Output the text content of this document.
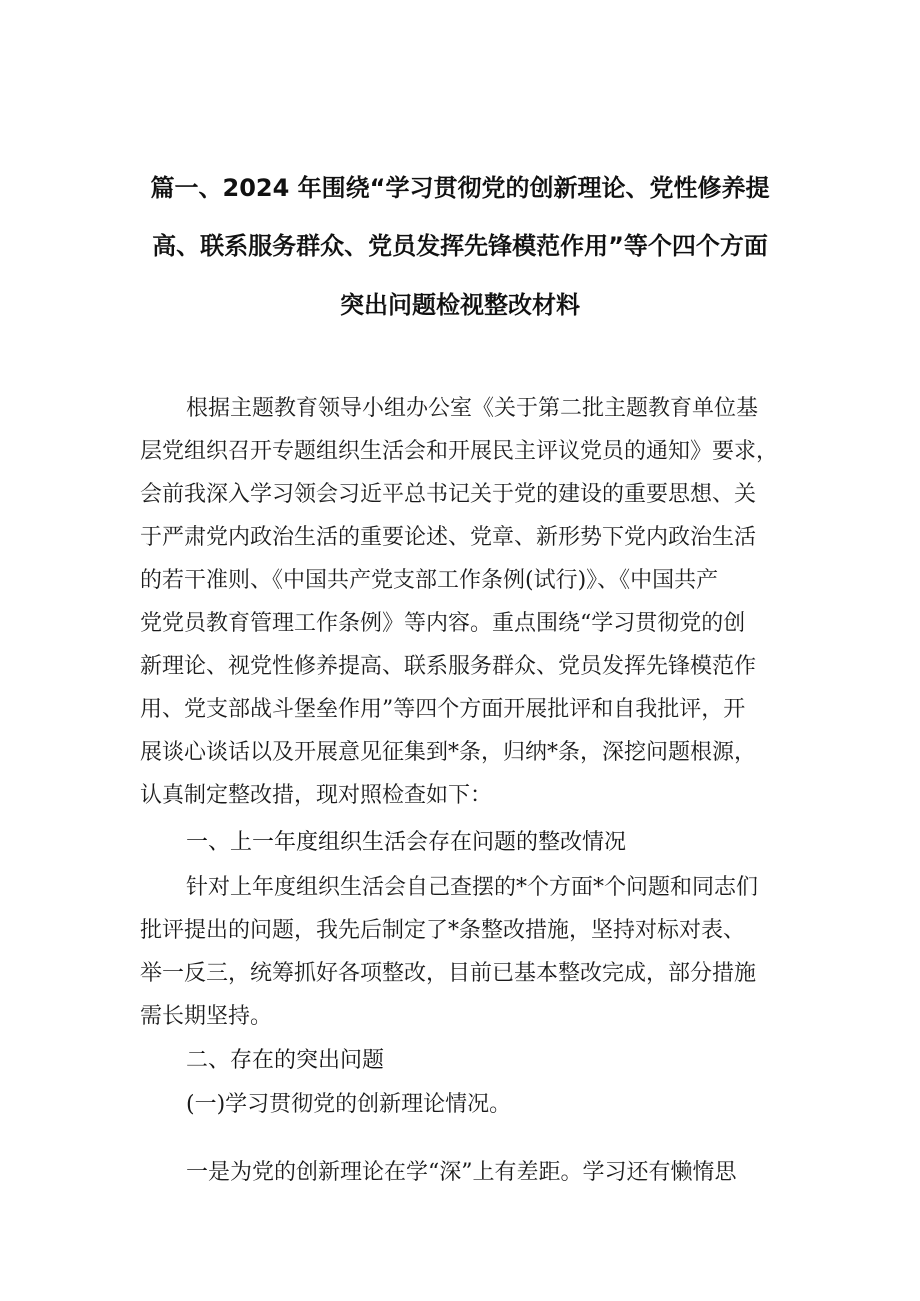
篇一、2024 年围绕“学习贯彻党的创新理论、党性修养提
高、联系服务群众、党员发挥先锋模范作用”等个四个方面
突出问题检视整改材料
根据主题教育领导小组办公室《关于第二批主题教育单位基
层党组织召开专题组织生活会和开展民主评议党员的通知》要求，
会前我深入学习领会习近平总书记关于党的建设的重要思想、关
于严肃党内政治生活的重要论述、党章、新形势下党内政治生活
的若干准则、《中国共产党支部工作条例(试行)》、《中国共产
党党员教育管理工作条例》等内容。重点围绕“学习贯彻党的创
新理论、视党性修养提高、联系服务群众、党员发挥先锋模范作
用、党支部战斗堡垒作用”等四个方面开展批评和自我批评，开
展谈心谈话以及开展意见征集到*条，归纳*条，深挖问题根源，
认真制定整改措，现对照检查如下：
一、上一年度组织生活会存在问题的整改情况
针对上年度组织生活会自己查摆的*个方面*个问题和同志们
批评提出的问题，我先后制定了*条整改措施，坚持对标对表、
举一反三，统筹抓好各项整改，目前已基本整改完成，部分措施
需长期坚持。
二、存在的突出问题
(一)学习贯彻党的创新理论情况。
一是为党的创新理论在学“深”上有差距。学习还有懒惰思
